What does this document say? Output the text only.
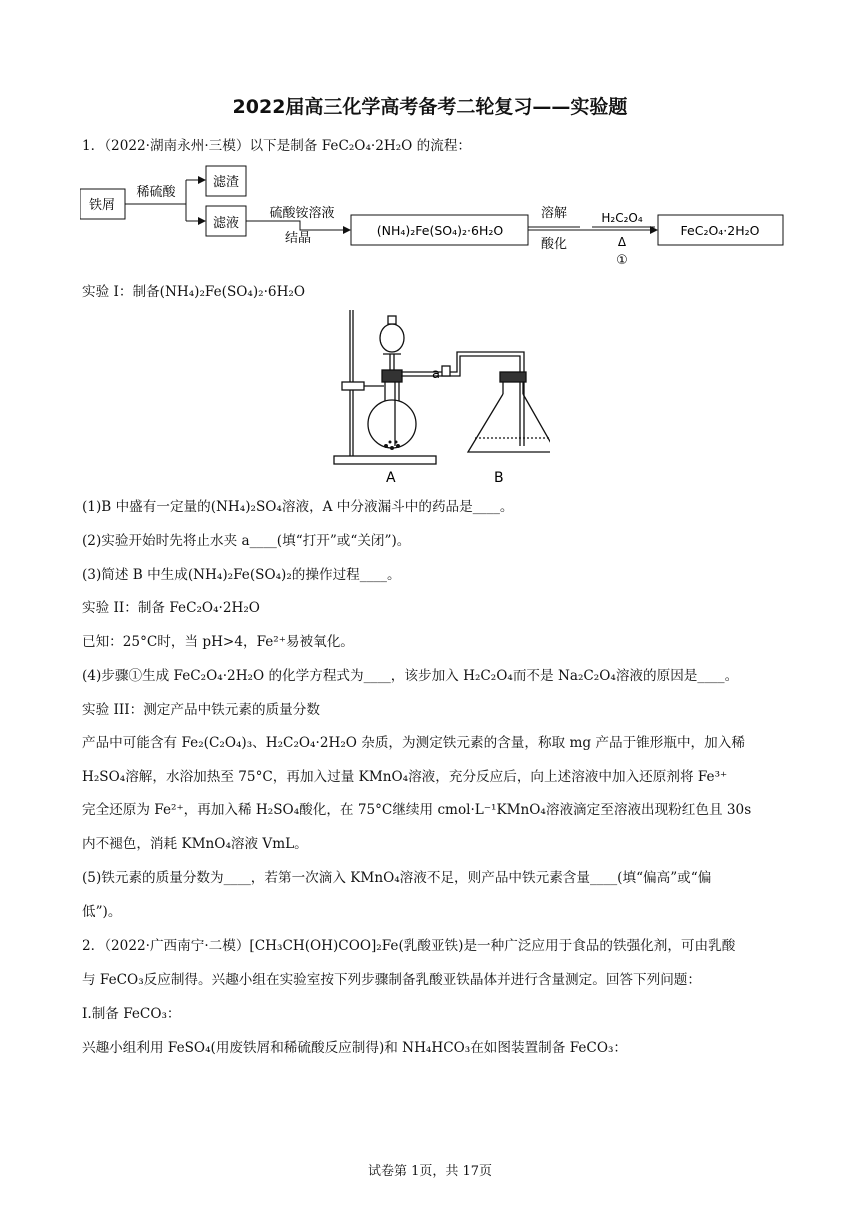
2022届高三化学高考备考二轮复习——实验题
1．（2022·湖南永州·三模）以下是制备 FeC₂O₄·2H₂O 的流程：
铁屑
稀硫酸
滤渣
滤液
硫酸铵溶液
结晶
(NH₄)₂Fe(SO₄)₂·6H₂O
溶解
酸化
H₂C₂O₄
Δ
①
FeC₂O₄·2H₂O
实验 I：制备(NH₄)₂Fe(SO₄)₂·6H₂O
a
A	B
(1)B 中盛有一定量的(NH₄)₂SO₄溶液，A 中分液漏斗中的药品是____。
(2)实验开始时先将止水夹 a____(填“打开”或“关闭”)。
(3)简述 B 中生成(NH₄)₂Fe(SO₄)₂的操作过程____。
实验 II：制备 FeC₂O₄·2H₂O
已知：25°C时，当 pH>4，Fe²⁺易被氧化。
(4)步骤①生成 FeC₂O₄·2H₂O 的化学方程式为____，该步加入 H₂C₂O₄而不是 Na₂C₂O₄溶液的原因是____。
实验 III：测定产品中铁元素的质量分数
产品中可能含有 Fe₂(C₂O₄)₃、H₂C₂O₄·2H₂O 杂质，为测定铁元素的含量，称取 mg 产品于锥形瓶中，加入稀
H₂SO₄溶解，水浴加热至 75°C，再加入过量 KMnO₄溶液，充分反应后，向上述溶液中加入还原剂将 Fe³⁺
完全还原为 Fe²⁺，再加入稀 H₂SO₄酸化，在 75°C继续用 cmol·L⁻¹KMnO₄溶液滴定至溶液出现粉红色且 30s
内不褪色，消耗 KMnO₄溶液 VmL。
(5)铁元素的质量分数为____，若第一次滴入 KMnO₄溶液不足，则产品中铁元素含量____(填“偏高”或“偏
低”)。
2．（2022·广西南宁·二模）[CH₃CH(OH)COO]₂Fe(乳酸亚铁)是一种广泛应用于食品的铁强化剂，可由乳酸
与 FeCO₃反应制得。兴趣小组在实验室按下列步骤制备乳酸亚铁晶体并进行含量测定。回答下列问题：
I.制备 FeCO₃：
兴趣小组利用 FeSO₄(用废铁屑和稀硫酸反应制得)和 NH₄HCO₃在如图装置制备 FeCO₃：
试卷第 1页，共 17页
